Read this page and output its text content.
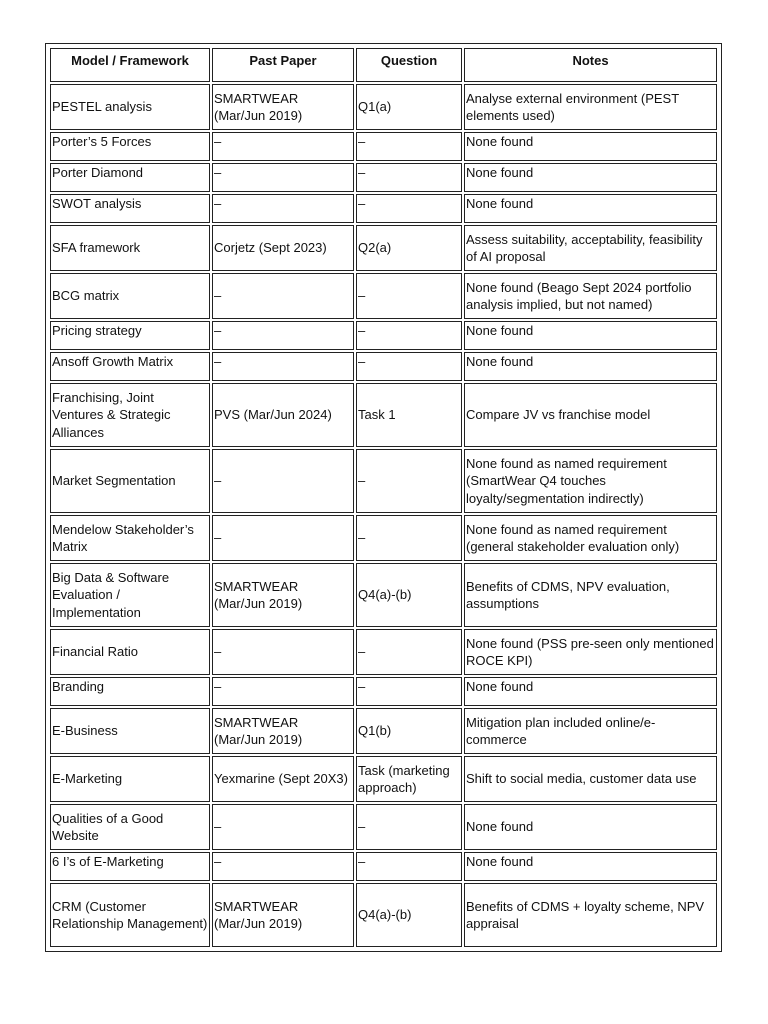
Model / Framework	Past Paper	Question	Notes
PESTEL analysis	SMARTWEAR (Mar/Jun 2019)	Q1(a)	Analyse external environment (PEST elements used)
Porter’s 5 Forces	–	–	None found
Porter Diamond	–	–	None found
SWOT analysis	–	–	None found
SFA framework	Corjetz (Sept 2023)	Q2(a)	Assess suitability, acceptability, feasibility of AI proposal
BCG matrix	–	–	None found (Beago Sept 2024 portfolio analysis implied, but not named)
Pricing strategy	–	–	None found
Ansoff Growth Matrix	–	–	None found
Franchising, Joint Ventures & Strategic Alliances	PVS (Mar/Jun 2024)	Task 1	Compare JV vs franchise model
Market Segmentation	–	–	None found as named requirement (SmartWear Q4 touches loyalty/segmentation indirectly)
Mendelow Stakeholder’s Matrix	–	–	None found as named requirement (general stakeholder evaluation only)
Big Data & Software Evaluation / Implementation	SMARTWEAR (Mar/Jun 2019)	Q4(a)-(b)	Benefits of CDMS, NPV evaluation, assumptions
Financial Ratio	–	–	None found (PSS pre-seen only mentioned ROCE KPI)
Branding	–	–	None found
E-Business	SMARTWEAR (Mar/Jun 2019)	Q1(b)	Mitigation plan included online/e-commerce
E-Marketing	Yexmarine (Sept 20X3)	Task (marketing approach)	Shift to social media, customer data use
Qualities of a Good Website	–	–	None found
6 I’s of E-Marketing	–	–	None found
CRM (Customer Relationship Management)	SMARTWEAR (Mar/Jun 2019)	Q4(a)-(b)	Benefits of CDMS + loyalty scheme, NPV appraisal
